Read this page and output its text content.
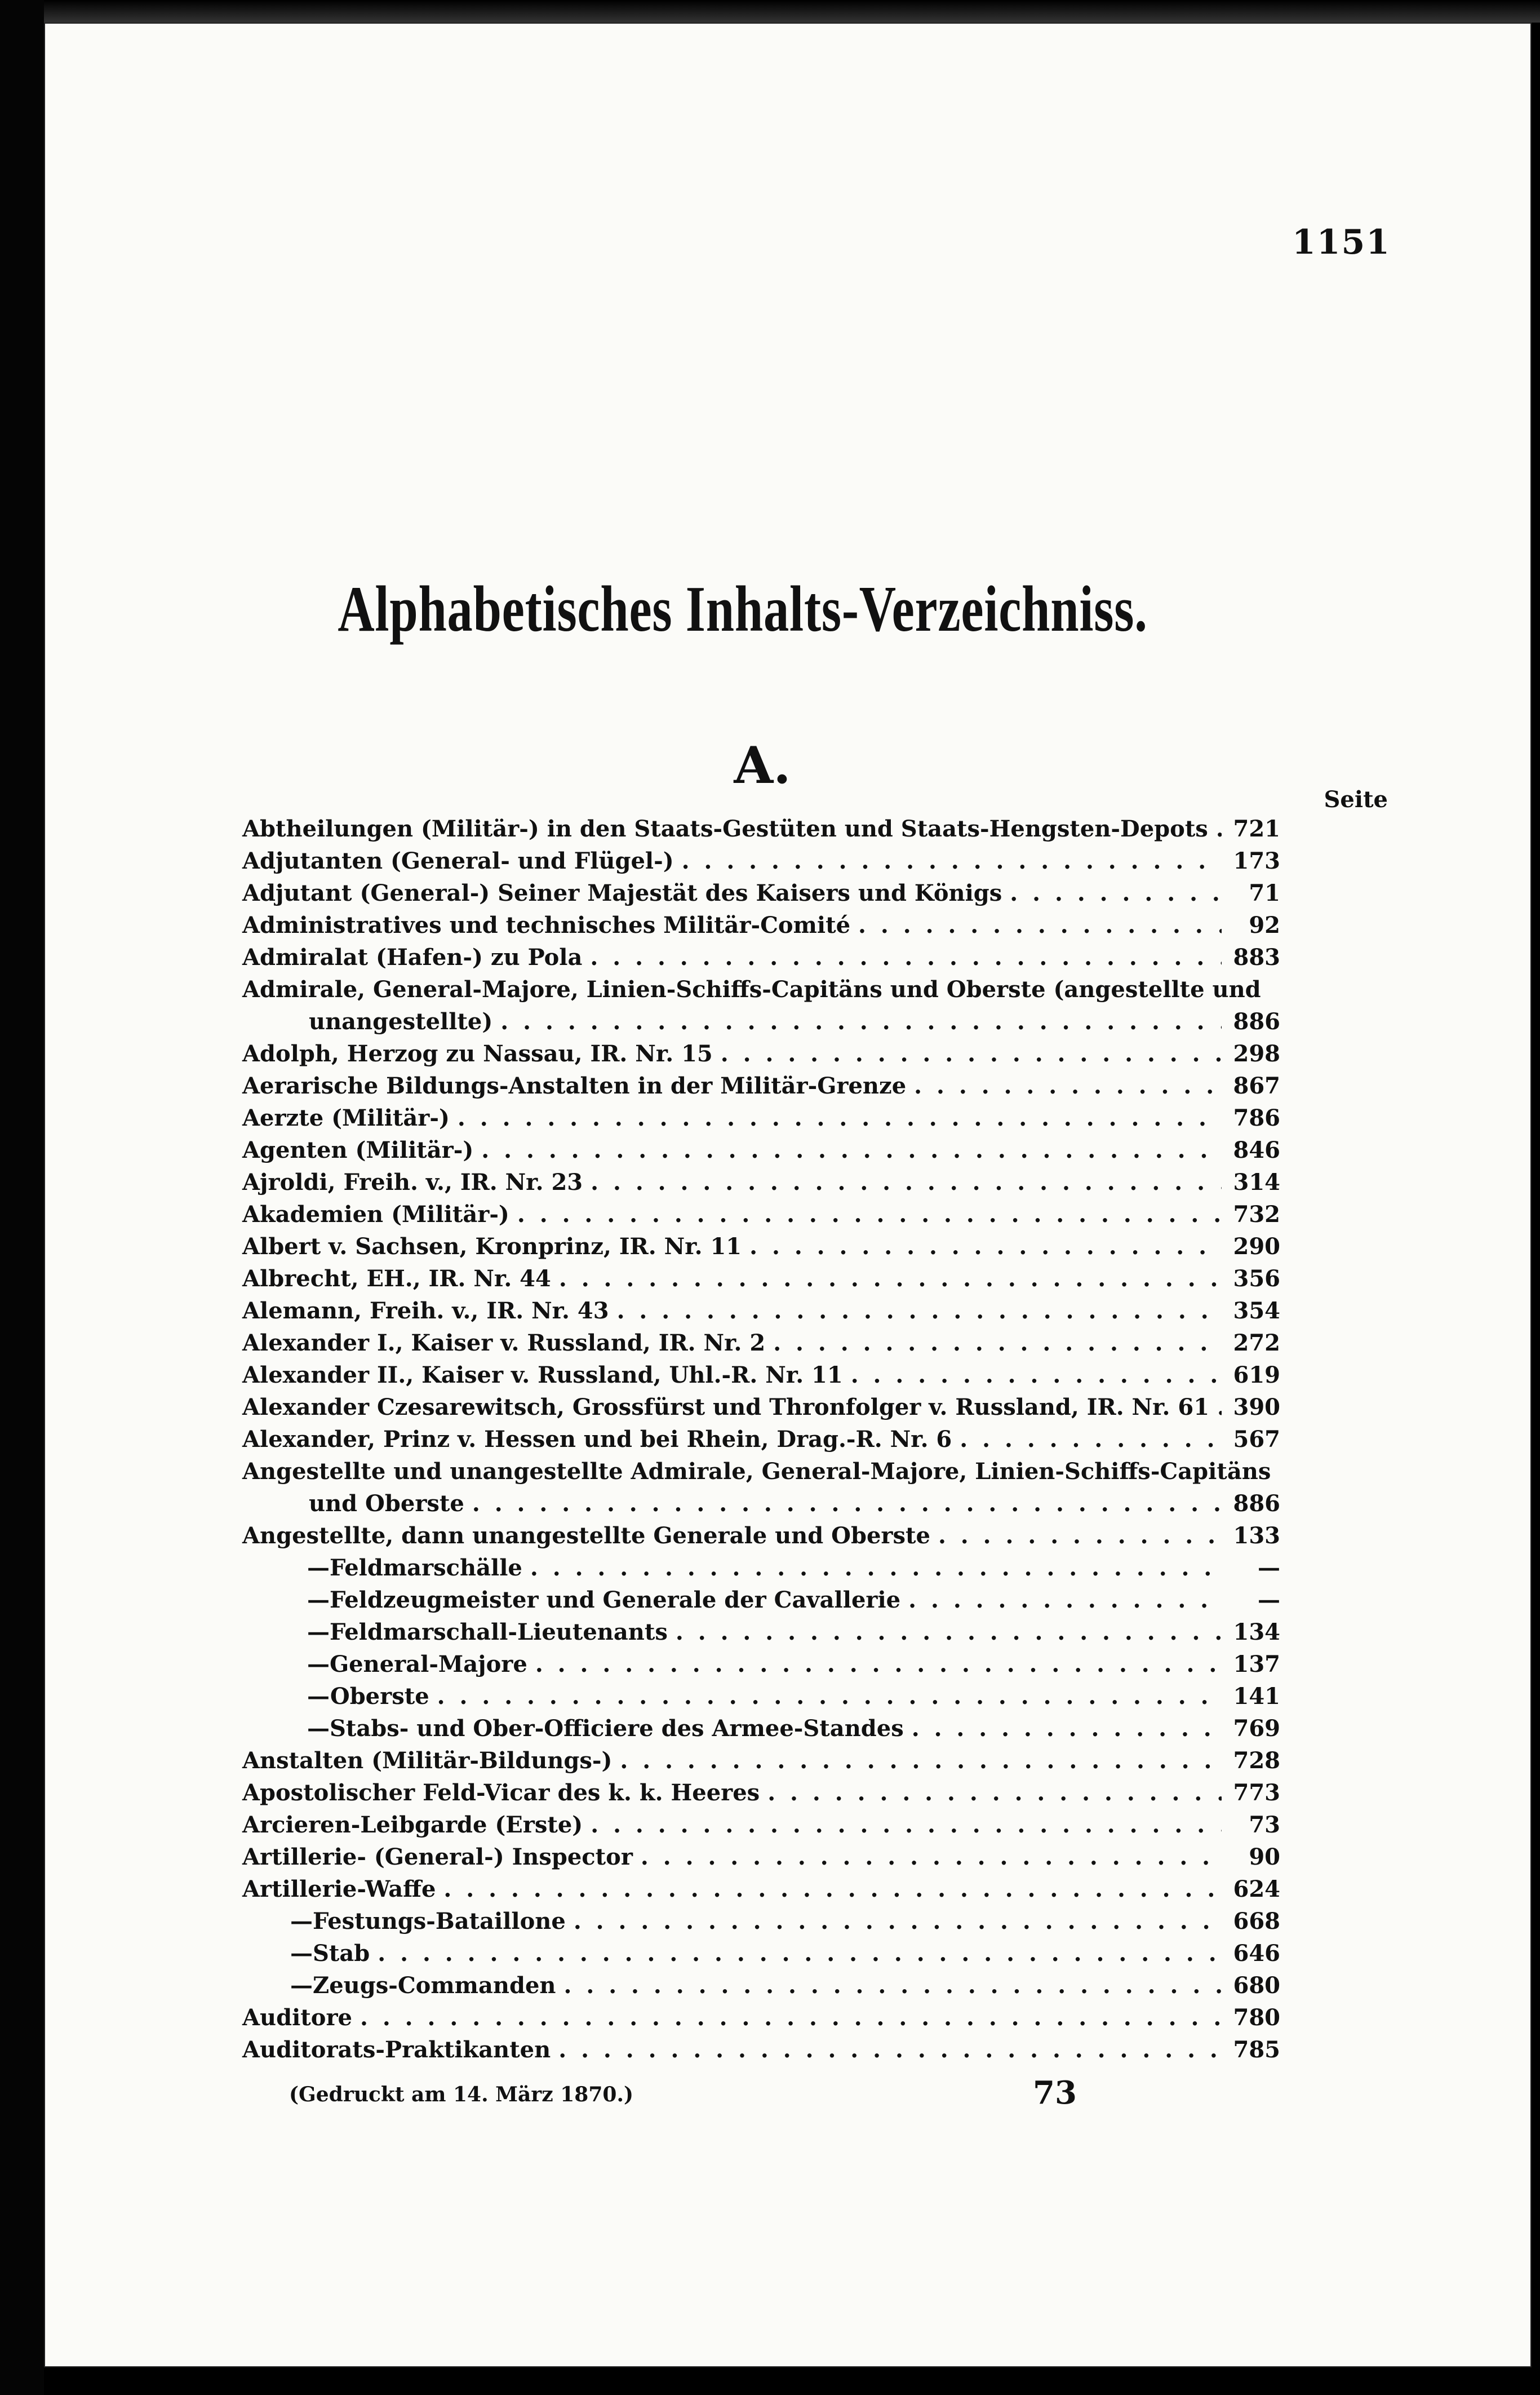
1151
Alphabetisches Inhalts-Verzeichniss.
A.
Seite
Abtheilungen (Militär-) in den Staats-Gestüten und Staats-Hengsten-Depots . . . 721
Adjutanten (General- und Flügel-) . . .	173
Adjutant (General-) Seiner Majestät des Kaisers und Königs . . .	71
Administratives und technisches Militär-Comité . . .	92
Admiralat (Hafen-) zu Pola . . .	883
Admirale, General-Majore, Linien-Schiffs-Capitäns und Oberste (angestellte und
unangestellte) . . .	886
Adolph, Herzog zu Nassau, IR. Nr. 15 . . .	298
Aerarische Bildungs-Anstalten in der Militär-Grenze . . .	867
Aerzte (Militär-) . . .	786
Agenten (Militär-) . . .	846
Ajroldi, Freih. v., IR. Nr. 23 . . .	314
Akademien (Militär-) . . .	732
Albert v. Sachsen, Kronprinz, IR. Nr. 11 . . .	290
Albrecht, EH., IR. Nr. 44 . . .	356
Alemann, Freih. v., IR. Nr. 43 . . .	354
Alexander I., Kaiser v. Russland, IR. Nr. 2 . . .	272
Alexander II., Kaiser v. Russland, Uhl.-R. Nr. 11 . . .	619
Alexander Czesarewitsch, Grossfürst und Thronfolger v. Russland, IR. Nr. 61 . . . 390
Alexander, Prinz v. Hessen und bei Rhein, Drag.-R. Nr. 6 . . .	567
Angestellte und unangestellte Admirale, General-Majore, Linien-Schiffs-Capitäns
und Oberste . . .	886
Angestellte, dann unangestellte Generale und Oberste . . .	133
— Feldmarschälle . . .	—
— Feldzeugmeister und Generale der Cavallerie . . .	—
— Feldmarschall-Lieutenants . . .	134
— General-Majore . . .	137
— Oberste . . .	141
— Stabs- und Ober-Officiere des Armee-Standes . . .	769
Anstalten (Militär-Bildungs-) . . .	728
Apostolischer Feld-Vicar des k. k. Heeres . . .	773
Arcieren-Leibgarde (Erste) . . .	73
Artillerie- (General-) Inspector . . .	90
Artillerie-Waffe . . .	624
— Festungs-Bataillone . . .	668
— Stab . . .	646
— Zeugs-Commanden . . .	680
Auditore . . .	780
Auditorats-Praktikanten . . .	785
(Gedruckt am 14. März 1870.)	73
